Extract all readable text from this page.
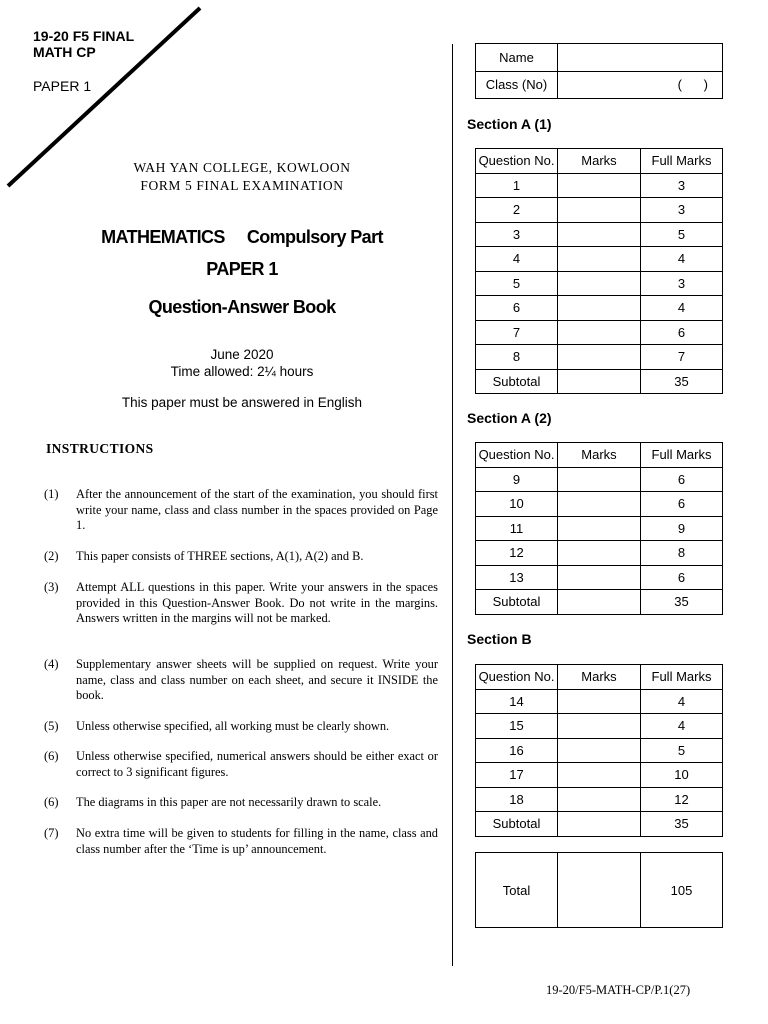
19-20 F5 FINAL
MATH CP
PAPER 1
WAH YAN COLLEGE, KOWLOON
FORM 5 FINAL EXAMINATION
MATHEMATICS     Compulsory Part
PAPER 1
Question-Answer Book
June 2020
Time allowed: 2¼ hours
This paper must be answered in English
INSTRUCTIONS
(1) After the announcement of the start of the examination, you should first write your name, class and class number in the spaces provided on Page 1.
(2) This paper consists of THREE sections, A(1), A(2) and B.
(3) Attempt ALL questions in this paper. Write your answers in the spaces provided in this Question-Answer Book. Do not write in the margins. Answers written in the margins will not be marked.
(4) Supplementary answer sheets will be supplied on request. Write your name, class and class number on each sheet, and secure it INSIDE the book.
(5) Unless otherwise specified, all working must be clearly shown.
(6) Unless otherwise specified, numerical answers should be either exact or correct to 3 significant figures.
(6) The diagrams in this paper are not necessarily drawn to scale.
(7) No extra time will be given to students for filling in the name, class and class number after the ‘Time is up’ announcement.
Name	
Class (No)	(      )
Section A (1)
Question No.	Marks	Full Marks
1		3
2		3
3		5
4		4
5		3
6		4
7		6
8		7
Subtotal		35
Section A (2)
Question No.	Marks	Full Marks
9		6
10		6
11		9
12		8
13		6
Subtotal		35
Section B
Question No.	Marks	Full Marks
14		4
15		4
16		5
17		10
18		12
Subtotal		35
Total		105
19-20/F5-MATH-CP/P.1(27)
